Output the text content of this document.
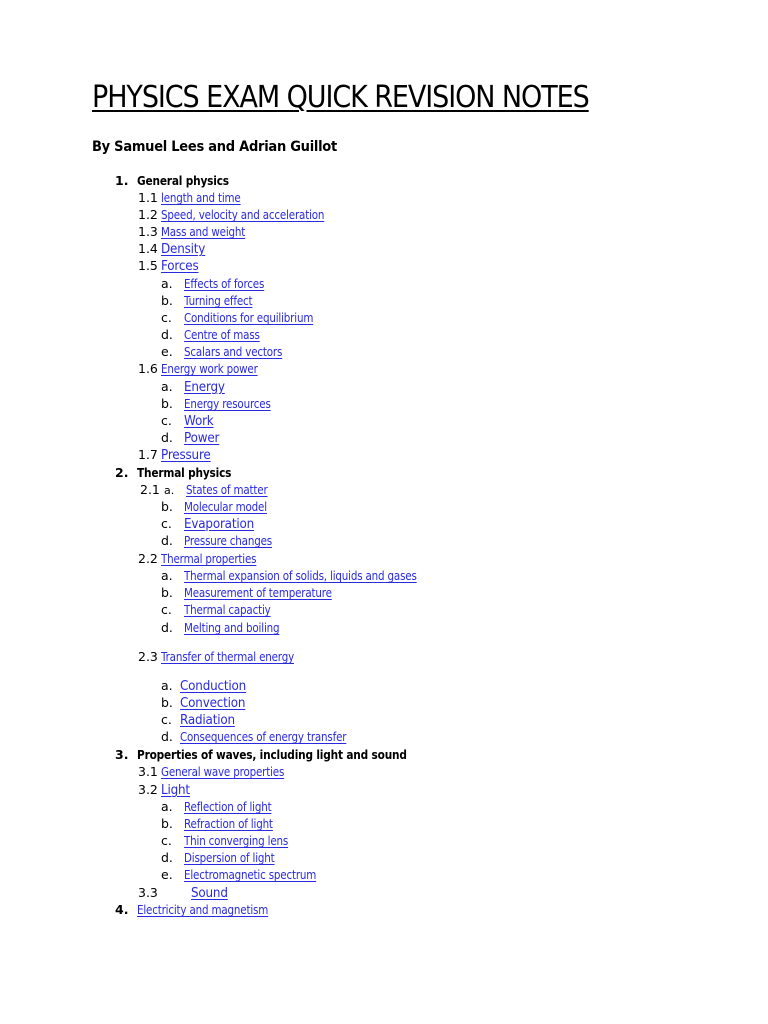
PHYSICS EXAM QUICK REVISION NOTES
By Samuel Lees and Adrian Guillot
1. General physics
1.1 length and time
1.2 Speed, velocity and acceleration
1.3 Mass and weight
1.4 Density
1.5 Forces
a. Effects of forces
b. Turning effect
c. Conditions for equilibrium
d. Centre of mass
e. Scalars and vectors
1.6 Energy work power
a. Energy
b. Energy resources
c. Work
d. Power
1.7 Pressure
2. Thermal physics
2.1 a. States of matter
b. Molecular model
c. Evaporation
d. Pressure changes
2.2 Thermal properties
a. Thermal expansion of solids, liquids and gases
b. Measurement of temperature
c. Thermal capactiy
d. Melting and boiling
2.3 Transfer of thermal energy
a. Conduction
b. Convection
c. Radiation
d. Consequences of energy transfer
3. Properties of waves, including light and sound
3.1 General wave properties
3.2 Light
a. Reflection of light
b. Refraction of light
c. Thin converging lens
d. Dispersion of light
e. Electromagnetic spectrum
3.3	Sound
4. Electricity and magnetism
